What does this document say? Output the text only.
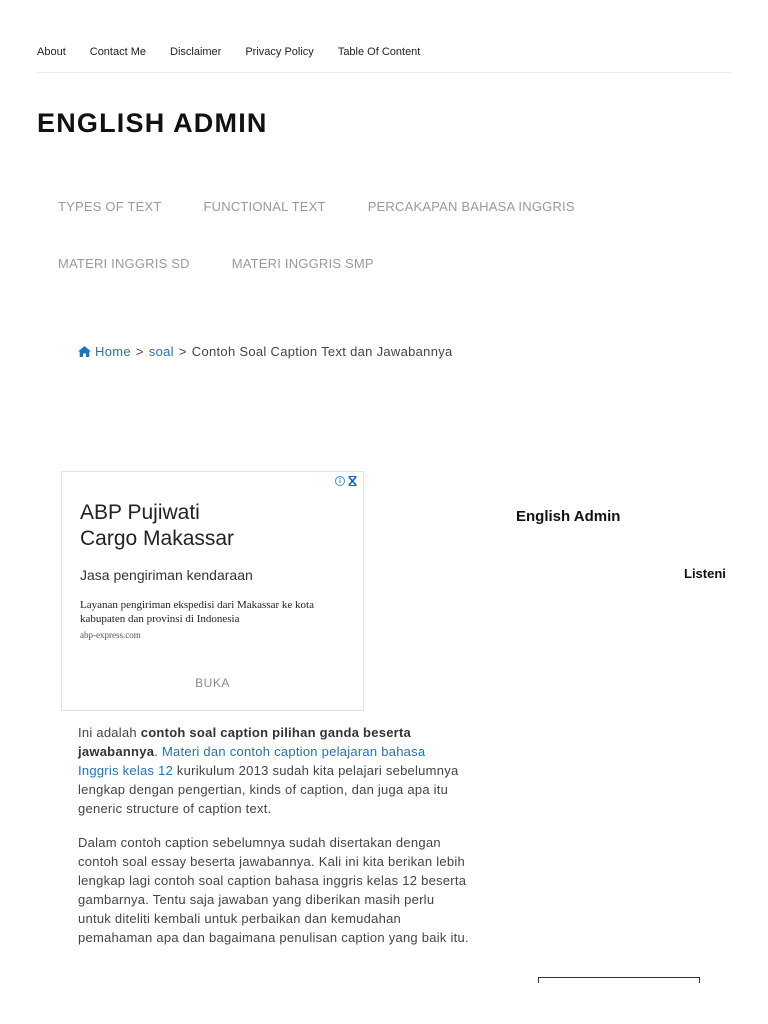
About Contact Me Disclaimer Privacy Policy Table Of Content
ENGLISH ADMIN
TYPES OF TEXT	FUNCTIONAL TEXT	PERCAKAPAN BAHASA INGGRIS
MATERI INGGRIS SD	MATERI INGGRIS SMP
Home > soal > Contoh Soal Caption Text dan Jawabannya
i
ABP Pujiwati
Cargo Makassar
Jasa pengiriman kendaraan
Layanan pengiriman ekspedisi dari Makassar ke kota kabupaten dan provinsi di Indonesia
abp-express.com
BUKA

Ini adalah contoh soal caption pilihan ganda beserta jawabannya. Materi dan contoh caption pelajaran bahasa Inggris kelas 12 kurikulum 2013 sudah kita pelajari sebelumnya lengkap dengan pengertian, kinds of caption, dan juga apa itu generic structure of caption text.

Dalam contoh caption sebelumnya sudah disertakan dengan contoh soal essay beserta jawabannya. Kali ini kita berikan lebih lengkap lagi contoh soal caption bahasa inggris kelas 12 beserta gambarnya. Tentu saja jawaban yang diberikan masih perlu untuk diteliti kembali untuk perbaikan dan kemudahan pemahaman apa dan bagaimana penulisan caption yang baik itu.

English Admin
Listeni
